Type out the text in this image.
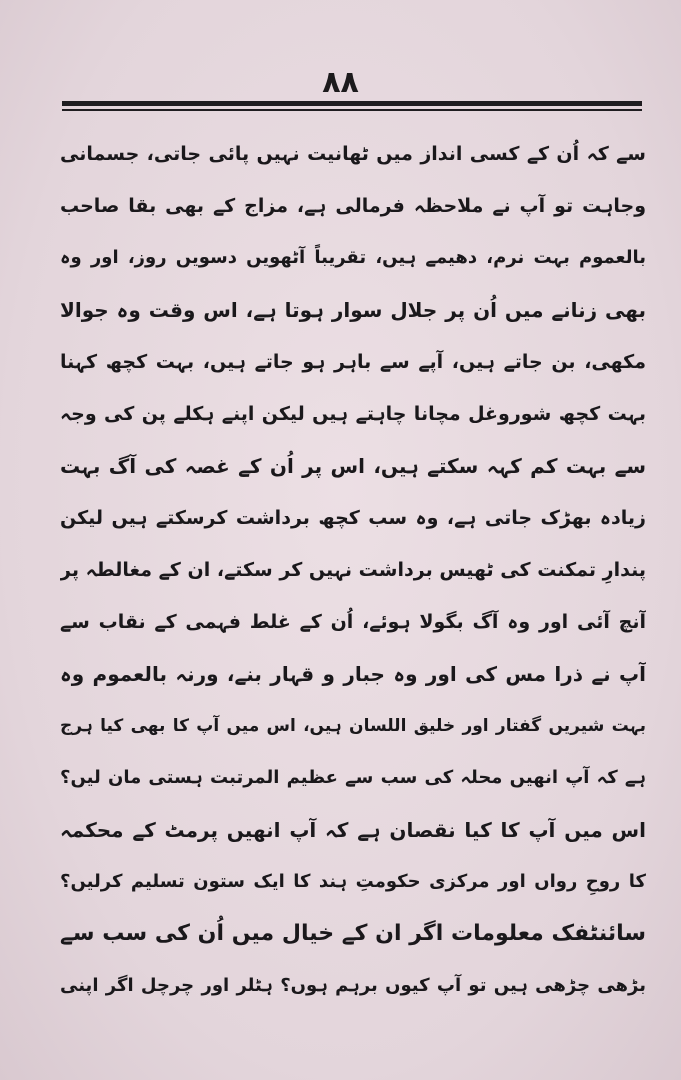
۸۸
سے کہ اُن کے کسی انداز میں ٹھانیت نہیں پائی جاتی، جسمانی
وجاہت تو آپ نے ملاحظہ فرمالی ہے، مزاج کے بھی بقا صاحب
بالعموم بہت نرم، دھیمے ہیں، تقریباً آٹھویں دسویں روز، اور وہ
بھی زنانے میں اُن پر جلال سوار ہوتا ہے، اس وقت وہ جوالا
مکھی، بن جاتے ہیں، آپے سے باہر ہو جاتے ہیں، بہت کچھ کہنا
بہت کچھ شوروغل مچانا چاہتے ہیں لیکن اپنے ہکلے پن کی وجہ
سے بہت کم کہہ سکتے ہیں، اس پر اُن کے غصہ کی آگ بہت
زیادہ بھڑک جاتی ہے، وہ سب کچھ برداشت کرسکتے ہیں لیکن
پندارِ تمکنت کی ٹھیس برداشت نہیں کر سکتے، ان کے مغالطہ پر
آنچ آئی اور وہ آگ بگولا ہوئے، اُن کے غلط فہمی کے نقاب سے
آپ نے ذرا مس کی اور وہ جبار و قہار بنے، ورنہ بالعموم وہ
بہت شیریں گفتار اور خلیق اللسان ہیں، اس میں آپ کا بھی کیا ہرج
ہے کہ آپ انھیں محلہ کی سب سے عظیم المرتبت ہستی مان لیں؟
اس میں آپ کا کیا نقصان ہے کہ آپ انھیں پرمٹ کے محکمہ
کا روحِ رواں اور مرکزی حکومتِ ہند کا ایک ستون تسلیم کرلیں؟
سائنٹفک معلومات اگر ان کے خیال میں اُن کی سب سے
بڑھی چڑھی ہیں تو آپ کیوں برہم ہوں؟ ہٹلر اور چرچل اگر اپنی
